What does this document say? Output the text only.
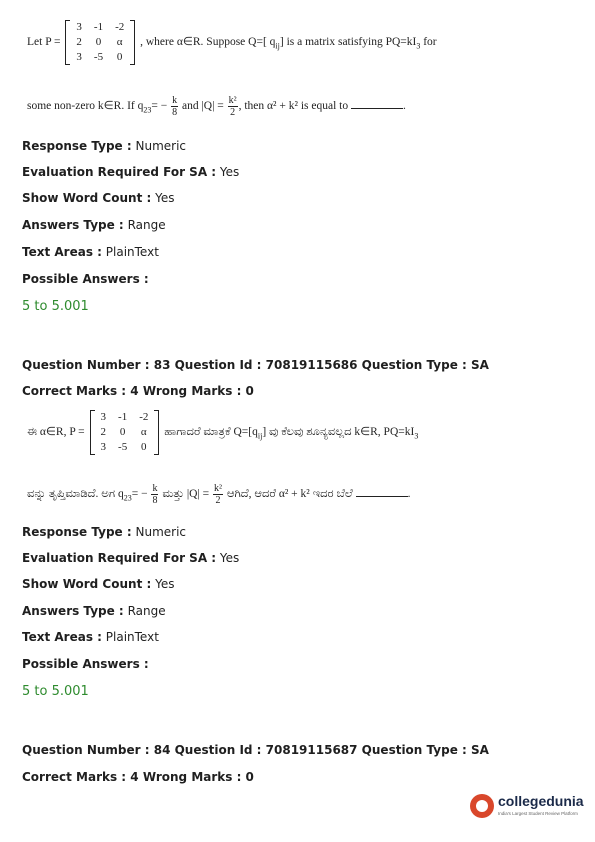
Let P =
3	-1	-2
2	0	α
3	-5	0
, where α∈R. Suppose Q=[ $q_{ij}$] is a matrix satisfying $PQ=kI_3$ for
some non-zero k∈R. If $q_{23}= - \frac{k}{8}$ and $|Q| = \frac{\text{k²}}{2}$ , then α² + k² is equal to	.
Response Type : Numeric
Evaluation Required For SA : Yes
Show Word Count : Yes
Answers Type : Range
Text Areas : PlainText
Possible Answers :
5 to 5.001
Question Number : 83 Question Id : 70819115686 Question Type : SA
Correct Marks : 4 Wrong Marks : 0
ಈ α∈R, P =
3	-1	-2
2	0	α
3	-5	0
ಹಾಗಾದರೆ ಮಾತ್ರಕೆ $Q=[q_{ij}]$ ವು ಕೆಲವು ಶೂನ್ಯವಲ್ಲದ k∈R, $PQ=kI_3$
ವನ್ನು ತೃಪ್ತಿಮಾಡಿದೆ. ಅಗ $q_{23}= - \frac{k}{8}$ ಮತ್ತು $|Q| = \frac{\text{k²}}{2}$ ಆಗಿದೆ, ಆದರೆ α² + k² ಇದರ ಬೆಲೆ	.
Response Type : Numeric
Evaluation Required For SA : Yes
Show Word Count : Yes
Answers Type : Range
Text Areas : PlainText
Possible Answers :
5 to 5.001
Question Number : 84 Question Id : 70819115687 Question Type : SA
Correct Marks : 4 Wrong Marks : 0
collegedunia
India's Largest Student Review Platform
